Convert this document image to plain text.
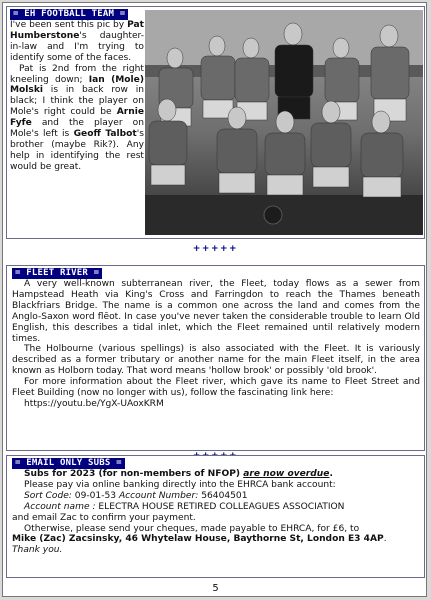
= EH FOOTBALL TEAM =

I've been sent this pic by Pat Humberstone's daughter-in-law and I'm trying to identify some of the faces.

Pat is 2nd from the right kneeling down; Ian (Mole) Molski is in back row in black; I think the player on Mole's right could be Arnie Fyfe and the player on Mole's left is Geoff Talbot's brother (maybe Rik?). Any help in identifying the rest would be great.

+++++
= FLEET RIVER =

A very well-known subterranean river, the Fleet, today flows as a sewer from Hampstead Heath via King's Cross and Farringdon to reach the Thames beneath Blackfriars Bridge. The name is a common one across the land and comes from the Anglo-Saxon word flēot. In case you've never taken the considerable trouble to learn Old English, this describes a tidal inlet, which the Fleet remained until relatively modern times.

The Holbourne (various spellings) is also associated with the Fleet. It is variously described as a former tributary or another name for the main Fleet itself, in the area known as Holborn today. That word means 'hollow brook' or possibly 'old brook'.

For more information about the Fleet river, which gave its name to Fleet Street and Fleet Building (now no longer with us), follow the fascinating link here:

https://youtu.be/YgX-UAoxKRM

= EMAIL ONLY SUBS =

Subs for 2023 (for non-members of NFOP) are now overdue.

Please pay via online banking directly into the EHRCA bank account:

Sort Code: 09-01-53 Account Number: 56404501

Account name : ELECTRA HOUSE RETIRED COLLEAGUES ASSOCIATION

and email Zac to confirm your payment.

Otherwise, please send your cheques, made payable to EHRCA, for £6, to

Mike (Zac) Zacsinsky, 46 Whytelaw House, Baythorne St, London E3 4AP.

Thank you.

5
